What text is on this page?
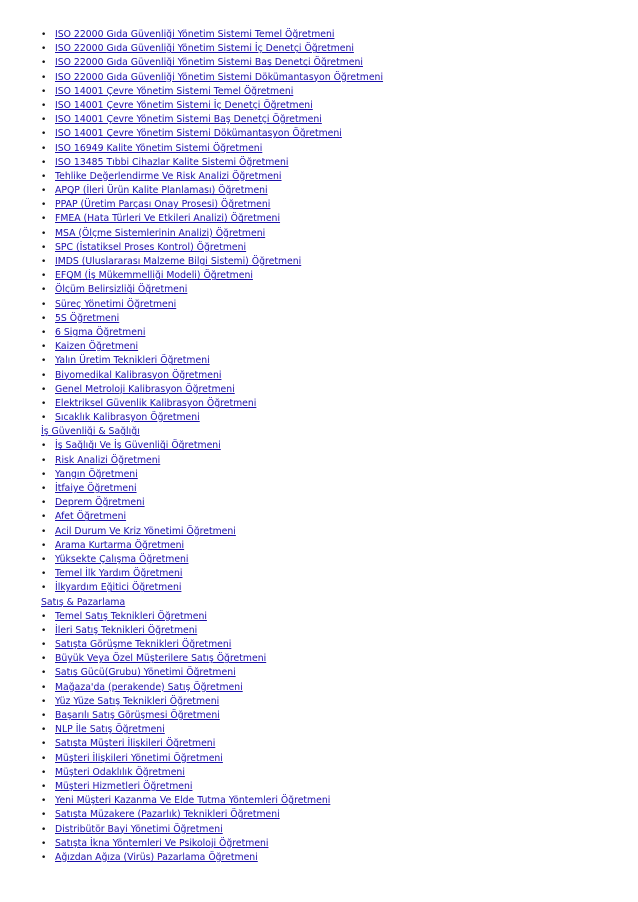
• ISO 22000 Gıda Güvenliği Yönetim Sistemi Temel Öğretmeni
• ISO 22000 Gıda Güvenliği Yönetim Sistemi İç Denetçi Öğretmeni
• ISO 22000 Gıda Güvenliği Yönetim Sistemi Baş Denetçi Öğretmeni
• ISO 22000 Gıda Güvenliği Yönetim Sistemi Dökümantasyon Öğretmeni
• ISO 14001 Çevre Yönetim Sistemi Temel Öğretmeni
• ISO 14001 Çevre Yönetim Sistemi İç Denetçi Öğretmeni
• ISO 14001 Çevre Yönetim Sistemi Baş Denetçi Öğretmeni
• ISO 14001 Çevre Yönetim Sistemi Dökümantasyon Öğretmeni
• ISO 16949 Kalite Yönetim Sistemi Öğretmeni
• ISO 13485 Tıbbi Cihazlar Kalite Sistemi Öğretmeni
• Tehlike Değerlendirme Ve Risk Analizi Öğretmeni
• APQP (İleri Ürün Kalite Planlaması) Öğretmeni
• PPAP (Üretim Parçası Onay Prosesi) Öğretmeni
• FMEA (Hata Türleri Ve Etkileri Analizi) Öğretmeni
• MSA (Ölçme Sistemlerinin Analizi) Öğretmeni
• SPC (İstatiksel Proses Kontrol) Öğretmeni
• IMDS (Uluslararası Malzeme Bilgi Sistemi) Öğretmeni
• EFQM (İş Mükemmelliği Modeli) Öğretmeni
• Ölçüm Belirsizliği Öğretmeni
• Süreç Yönetimi Öğretmeni
• 5S Öğretmeni
• 6 Sigma Öğretmeni
• Kaizen Öğretmeni
• Yalın Üretim Teknikleri Öğretmeni
• Biyomedikal Kalibrasyon Öğretmeni
• Genel Metroloji Kalibrasyon Öğretmeni
• Elektriksel Güvenlik Kalibrasyon Öğretmeni
• Sıcaklık Kalibrasyon Öğretmeni
İş Güvenliği & Sağlığı
• İş Sağlığı Ve İş Güvenliği Öğretmeni
• Risk Analizi Öğretmeni
• Yangın Öğretmeni
• İtfaiye Öğretmeni
• Deprem Öğretmeni
• Afet Öğretmeni
• Acil Durum Ve Kriz Yönetimi Öğretmeni
• Arama Kurtarma Öğretmeni
• Yüksekte Çalışma Öğretmeni
• Temel İlk Yardım Öğretmeni
• İlkyardım Eğitici Öğretmeni
Satış & Pazarlama
• Temel Satış Teknikleri Öğretmeni
• İleri Satış Teknikleri Öğretmeni
• Satışta Görüşme Teknikleri Öğretmeni
• Büyük Veya Özel Müşterilere Satış Öğretmeni
• Satış Gücü(Grubu) Yönetimi Öğretmeni
• Mağaza'da (perakende) Satış Öğretmeni
• Yüz Yüze Satış Teknikleri Öğretmeni
• Başarılı Satış Görüşmesi Öğretmeni
• NLP İle Satış Öğretmeni
• Satışta Müşteri İlişkileri Öğretmeni
• Müşteri İlişkileri Yönetimi Öğretmeni
• Müşteri Odaklılık Öğretmeni
• Müşteri Hizmetleri Öğretmeni
• Yeni Müşteri Kazanma Ve Elde Tutma Yöntemleri Öğretmeni
• Satışta Müzakere (Pazarlık) Teknikleri Öğretmeni
• Distribütör Bayi Yönetimi Öğretmeni
• Satışta İkna Yöntemleri Ve Psikoloji Öğretmeni
• Ağızdan Ağıza (Virüs) Pazarlama Öğretmeni
